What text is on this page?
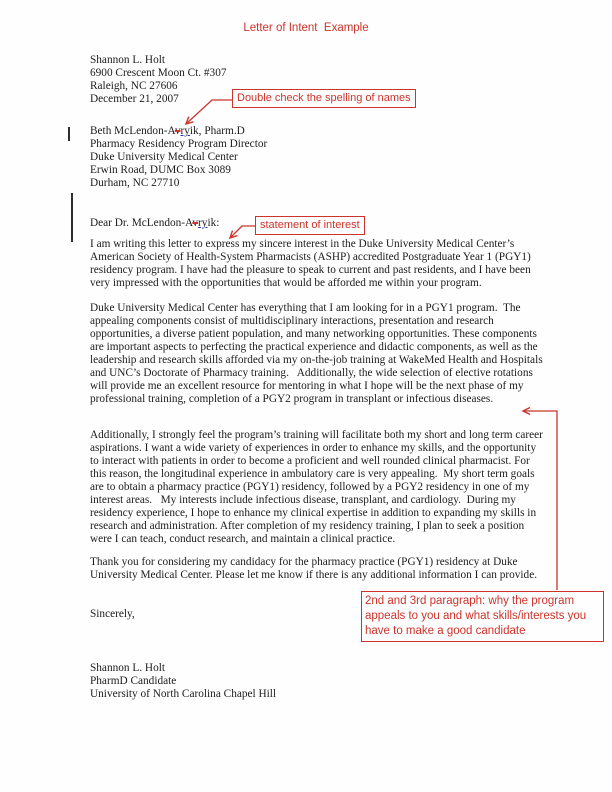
Letter of Intent  Example
Shannon L. Holt
6900 Crescent Moon Ct. #307
Raleigh, NC 27606
December 21, 2007	Double check the spelling of names
Beth McLendon-Avryik, Pharm.D
Pharmacy Residency Program Director
Duke University Medical Center
Erwin Road, DUMC Box 3089
Durham, NC 27710
Dear Dr. McLendon-Avryik:	statement of interest
I am writing this letter to express my sincere interest in the Duke University Medical Center’s American Society of Health-System Pharmacists (ASHP) accredited Postgraduate Year 1 (PGY1) residency program. I have had the pleasure to speak to current and past residents, and I have been very impressed with the opportunities that would be afforded me within your program.
Duke University Medical Center has everything that I am looking for in a PGY1 program.  The appealing components consist of multidisciplinary interactions, presentation and research opportunities, a diverse patient population, and many networking opportunities. These components are important aspects to perfecting the practical experience and didactic components, as well as the leadership and research skills afforded via my on-the-job training at WakeMed Health and Hospitals and UNC’s Doctorate of Pharmacy training.   Additionally, the wide selection of elective rotations will provide me an excellent resource for mentoring in what I hope will be the next phase of my professional training, completion of a PGY2 program in transplant or infectious diseases.
Additionally, I strongly feel the program’s training will facilitate both my short and long term career aspirations. I want a wide variety of experiences in order to enhance my skills, and the opportunity to interact with patients in order to become a proficient and well rounded clinical pharmacist. For this reason, the longitudinal experience in ambulatory care is very appealing.  My short term goals are to obtain a pharmacy practice (PGY1) residency, followed by a PGY2 residency in one of my interest areas.   My interests include infectious disease, transplant, and cardiology.  During my residency experience, I hope to enhance my clinical expertise in addition to expanding my skills in research and administration. After completion of my residency training, I plan to seek a position were I can teach, conduct research, and maintain a clinical practice.
Thank you for considering my candidacy for the pharmacy practice (PGY1) residency at Duke University Medical Center. Please let me know if there is any additional information I can provide.
2nd and 3rd paragraph: why the program appeals to you and what skills/interests you have to make a good candidate
Sincerely,
Shannon L. Holt
PharmD Candidate
University of North Carolina Chapel Hill
